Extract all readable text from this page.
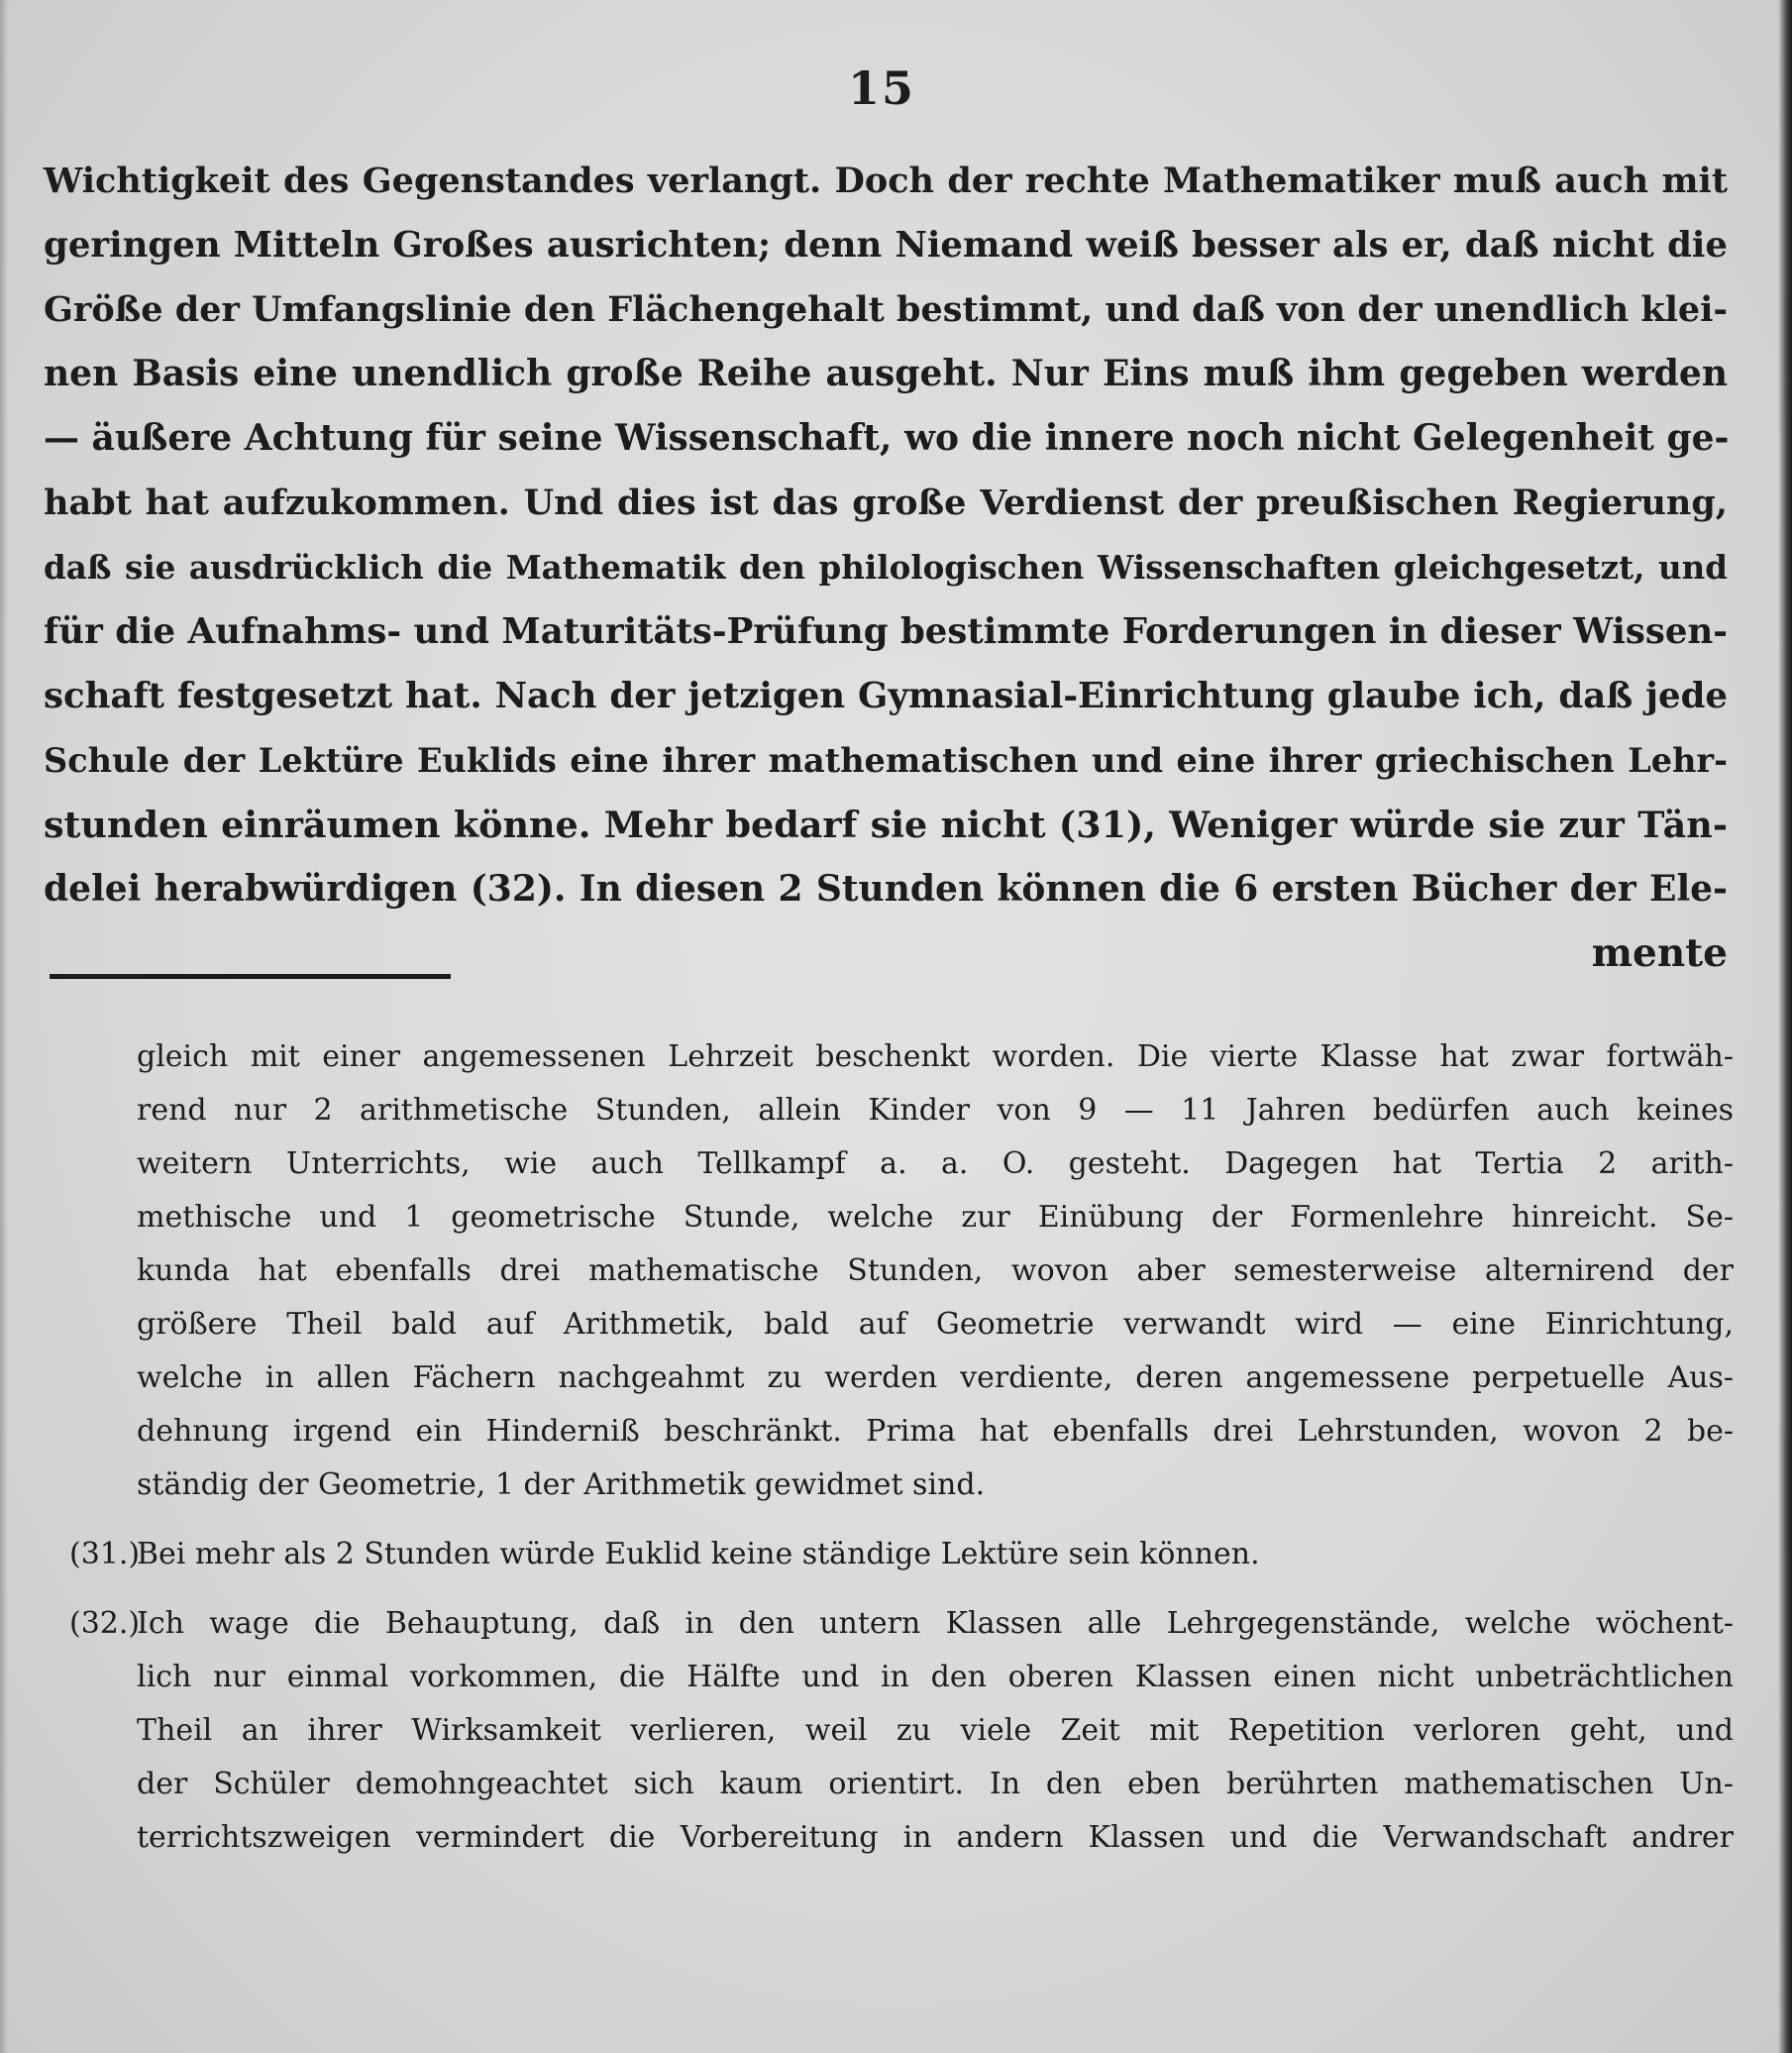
15
Wichtigkeit des Gegenstandes verlangt. Doch der rechte Mathematiker muß auch mit
geringen Mitteln Großes ausrichten; denn Niemand weiß besser als er, daß nicht die
Größe der Umfangslinie den Flächengehalt bestimmt, und daß von der unendlich klei-
nen Basis eine unendlich große Reihe ausgeht. Nur Eins muß ihm gegeben werden
— äußere Achtung für seine Wissenschaft, wo die innere noch nicht Gelegenheit ge-
habt hat aufzukommen. Und dies ist das große Verdienst der preußischen Regierung,
daß sie ausdrücklich die Mathematik den philologischen Wissenschaften gleichgesetzt, und
für die Aufnahms- und Maturitäts-Prüfung bestimmte Forderungen in dieser Wissen-
schaft festgesetzt hat. Nach der jetzigen Gymnasial-Einrichtung glaube ich, daß jede
Schule der Lektüre Euklids eine ihrer mathematischen und eine ihrer griechischen Lehr-
stunden einräumen könne. Mehr bedarf sie nicht (31), Weniger würde sie zur Tän-
delei herabwürdigen (32). In diesen 2 Stunden können die 6 ersten Bücher der Ele-
mente
gleich mit einer angemessenen Lehrzeit beschenkt worden. Die vierte Klasse hat zwar fortwäh-
rend nur 2 arithmetische Stunden, allein Kinder von 9 — 11 Jahren bedürfen auch keines
weitern Unterrichts, wie auch Tellkampf a. a. O. gesteht. Dagegen hat Tertia 2 arith-
methische und 1 geometrische Stunde, welche zur Einübung der Formenlehre hinreicht. Se-
kunda hat ebenfalls drei mathematische Stunden, wovon aber semesterweise alternirend der
größere Theil bald auf Arithmetik, bald auf Geometrie verwandt wird — eine Einrichtung,
welche in allen Fächern nachgeahmt zu werden verdiente, deren angemessene perpetuelle Aus-
dehnung irgend ein Hinderniß beschränkt. Prima hat ebenfalls drei Lehrstunden, wovon 2 be-
ständig der Geometrie, 1 der Arithmetik gewidmet sind.
(31.)
Bei mehr als 2 Stunden würde Euklid keine ständige Lektüre sein können.
(32.)
Ich wage die Behauptung, daß in den untern Klassen alle Lehrgegenstände, welche wöchent-
lich nur einmal vorkommen, die Hälfte und in den oberen Klassen einen nicht unbeträchtlichen
Theil an ihrer Wirksamkeit verlieren, weil zu viele Zeit mit Repetition verloren geht, und
der Schüler demohngeachtet sich kaum orientirt. In den eben berührten mathematischen Un-
terrichtszweigen vermindert die Vorbereitung in andern Klassen und die Verwandschaft andrer
